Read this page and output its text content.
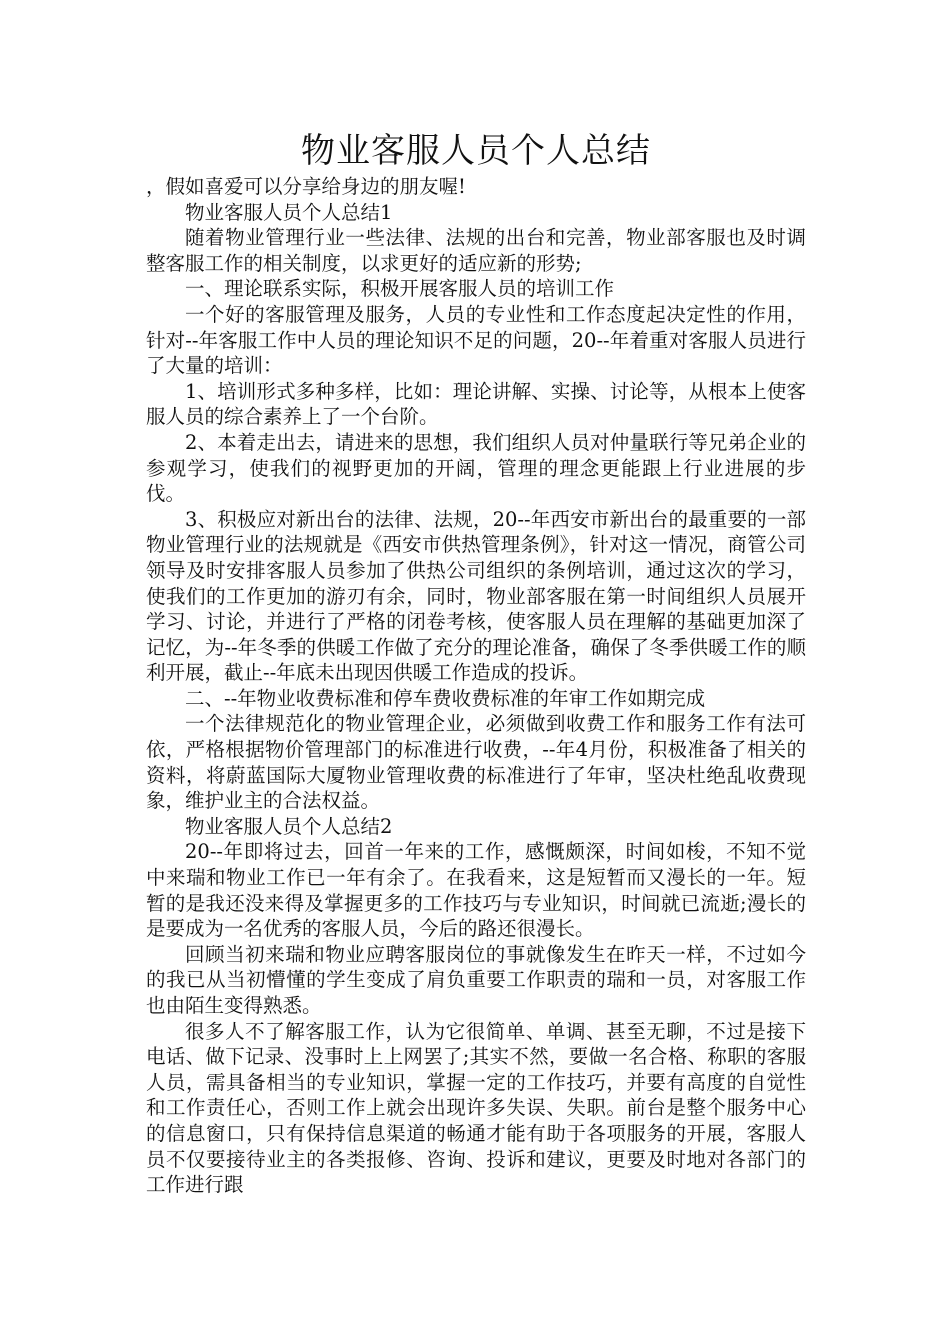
物业客服人员个人总结

，假如喜爱可以分享给身边的朋友喔!

物业客服人员个人总结1

随着物业管理行业一些法律、法规的出台和完善，物业部客服也及时调整客服工作的相关制度，以求更好的适应新的形势;

一、理论联系实际，积极开展客服人员的培训工作

一个好的客服管理及服务，人员的专业性和工作态度起决定性的作用，针对--年客服工作中人员的理论知识不足的问题，20--年着重对客服人员进行了大量的培训：

1、培训形式多种多样，比如：理论讲解、实操、讨论等，从根本上使客服人员的综合素养上了一个台阶。

2、本着走出去，请进来的思想，我们组织人员对仲量联行等兄弟企业的参观学习，使我们的视野更加的开阔，管理的理念更能跟上行业进展的步伐。

3、积极应对新出台的法律、法规，20--年西安市新出台的最重要的一部物业管理行业的法规就是《西安市供热管理条例》，针对这一情况，商管公司领导及时安排客服人员参加了供热公司组织的条例培训，通过这次的学习，使我们的工作更加的游刃有余，同时，物业部客服在第一时间组织人员展开学习、讨论，并进行了严格的闭卷考核，使客服人员在理解的基础更加深了记忆，为--年冬季的供暖工作做了充分的理论准备，确保了冬季供暖工作的顺利开展，截止--年底未出现因供暖工作造成的投诉。

二、--年物业收费标准和停车费收费标准的年审工作如期完成

一个法律规范化的物业管理企业，必须做到收费工作和服务工作有法可依，严格根据物价管理部门的标准进行收费，--年4月份，积极准备了相关的资料，将蔚蓝国际大厦物业管理收费的标准进行了年审，坚决杜绝乱收费现象，维护业主的合法权益。

物业客服人员个人总结2

20--年即将过去，回首一年来的工作，感慨颇深，时间如梭，不知不觉中来瑞和物业工作已一年有余了。在我看来，这是短暂而又漫长的一年。短暂的是我还没来得及掌握更多的工作技巧与专业知识，时间就已流逝;漫长的是要成为一名优秀的客服人员，今后的路还很漫长。

回顾当初来瑞和物业应聘客服岗位的事就像发生在昨天一样，不过如今的我已从当初懵懂的学生变成了肩负重要工作职责的瑞和一员，对客服工作也由陌生变得熟悉。

很多人不了解客服工作，认为它很简单、单调、甚至无聊，不过是接下电话、做下记录、没事时上上网罢了;其实不然，要做一名合格、称职的客服人员，需具备相当的专业知识，掌握一定的工作技巧，并要有高度的自觉性和工作责任心，否则工作上就会出现许多失误、失职。前台是整个服务中心的信息窗口，只有保持信息渠道的畅通才能有助于各项服务的开展，客服人员不仅要接待业主的各类报修、咨询、投诉和建议，更要及时地对各部门的工作进行跟
